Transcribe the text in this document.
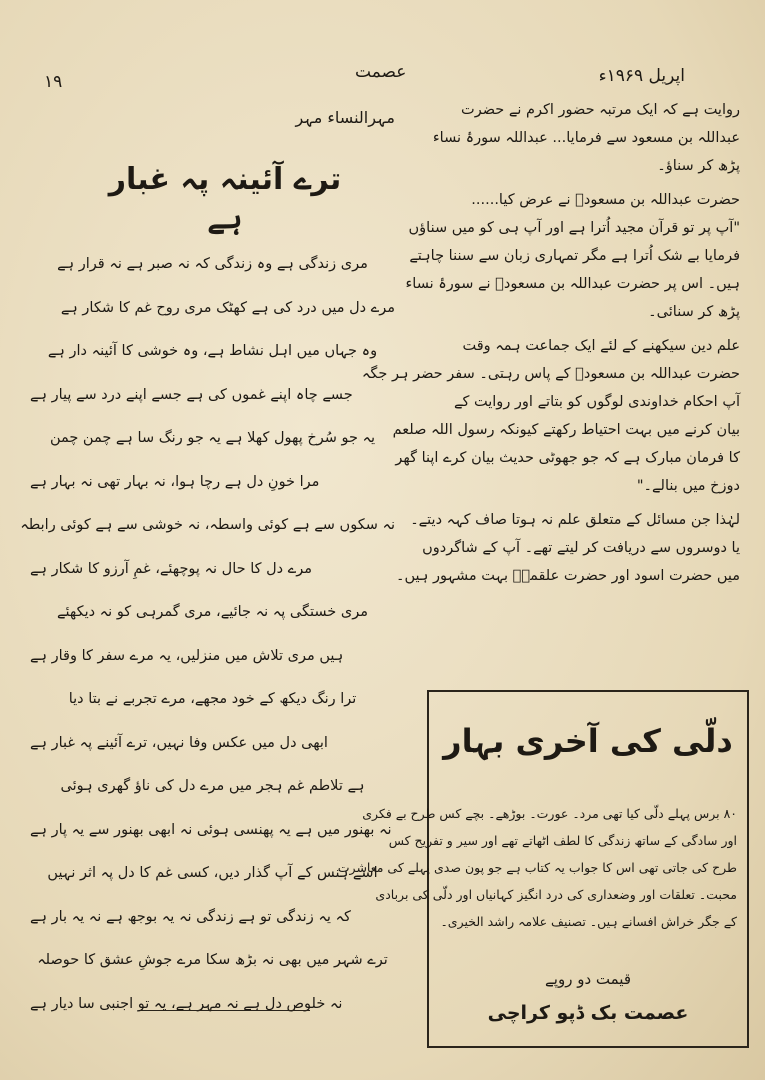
۱۹	عصمت	اپریل ۱۹۶۹ء
مہرالنساء مہر
ترے آئینہ پہ غبار ہے
مری زندگی ہے وہ زندگی کہ نہ صبر ہے نہ قرار ہے
مرے دل میں درد کی ہے کھٹک مری روح غم کا شکار ہے
وہ جہاں میں اہل نشاط ہے، وہ خوشی کا آئینہ دار ہے
جسے چاہ اپنے غموں کی ہے جسے اپنے درد سے پیار ہے
یہ جو سُرخ پھول کھلا ہے یہ جو رنگ سا ہے چمن چمن
مرا خونِ دل ہے رچا ہوا، نہ بہار تھی نہ بہار ہے
نہ سکوں سے ہے کوئی واسطہ، نہ خوشی سے ہے کوئی رابطہ
مرے دل کا حال نہ پوچھئے، غمِ آرزو کا شکار ہے
مری خستگی پہ نہ جائیے، مری گمرہی کو نہ دیکھئے
ہیں مری تلاش میں منزلیں، یہ مرے سفر کا وقار ہے
ترا رنگ دیکھ کے خود مجھے، مرے تجربے نے بتا دیا
ابھی دل میں عکس وفا نہیں، ترے آئینے پہ غبار ہے
ہے تلاطم غم ہجر میں مرے دل کی ناؤ گھری ہوئی
نہ بھنور میں ہے یہ پھنسی ہوئی نہ ابھی بھنور سے یہ پار ہے
اسے ہنس کے آپ گذار دیں، کسی غم کا دل پہ اثر نہیں
کہ یہ زندگی تو ہے زندگی نہ یہ بوجھ ہے نہ یہ بار ہے
ترے شہر میں بھی نہ بڑھ سکا مرے جوشِ عشق کا حوصلہ
نہ خلوص دل ہے نہ مہر ہے، یہ تو اجنبی سا دیار ہے

روایت ہے کہ ایک مرتبہ حضور اکرم نے حضرت

عبداللہ بن مسعود سے فرمایا... عبداللہ سورۂ نساء

پڑھ کر سناؤ۔

حضرت عبداللہ بن مسعودؓ نے عرض کیا......

"آپ پر تو قرآن مجید اُترا ہے اور آپ ہی کو میں سناؤں

فرمایا بے شک اُترا ہے مگر تمہاری زبان سے سننا چاہتے

ہیں۔ اس پر حضرت عبداللہ بن مسعودؓ نے سورۂ نساء

پڑھ کر سنائی۔

علم دین سیکھنے کے لئے ایک جماعت ہمہ وقت

حضرت عبداللہ بن مسعودؓ کے پاس رہتی۔ سفر حضر ہر جگہ

آپ احکام خداوندی لوگوں کو بتاتے اور روایت کے

بیان کرنے میں بہت احتیاط رکھتے کیونکہ رسول اللہ صلعم

کا فرمان مبارک ہے کہ جو جھوٹی حدیث بیان کرے اپنا گھر

دوزخ میں بنالے۔"

لہٰذا جن مسائل کے متعلق علم نہ ہوتا صاف کہہ دیتے۔

یا دوسروں سے دریافت کر لیتے تھے۔ آپ کے شاگردوں

میں حضرت اسود اور حضرت علقمہؓ بہت مشہور ہیں۔

دلّی کی آخری بہار

۸۰ برس پہلے دلّی کیا تھی مرد۔ عورت۔ بوڑھے۔ بچے کس طرح بے فکری

اور سادگی کے ساتھ زندگی کا لطف اٹھاتے تھے اور سیر و تفریح کس

طرح کی جاتی تھی اس کا جواب یہ کتاب ہے جو پون صدی پہلے کی معاشرت

محبت۔ تعلقات اور وضعداری کی درد انگیز کہانیاں اور دلّی کی بربادی

کے جگر خراش افسانے ہیں۔ تصنیف علامہ راشد الخیری۔

قیمت دو روپے
عصمت بک ڈپو کراچی
